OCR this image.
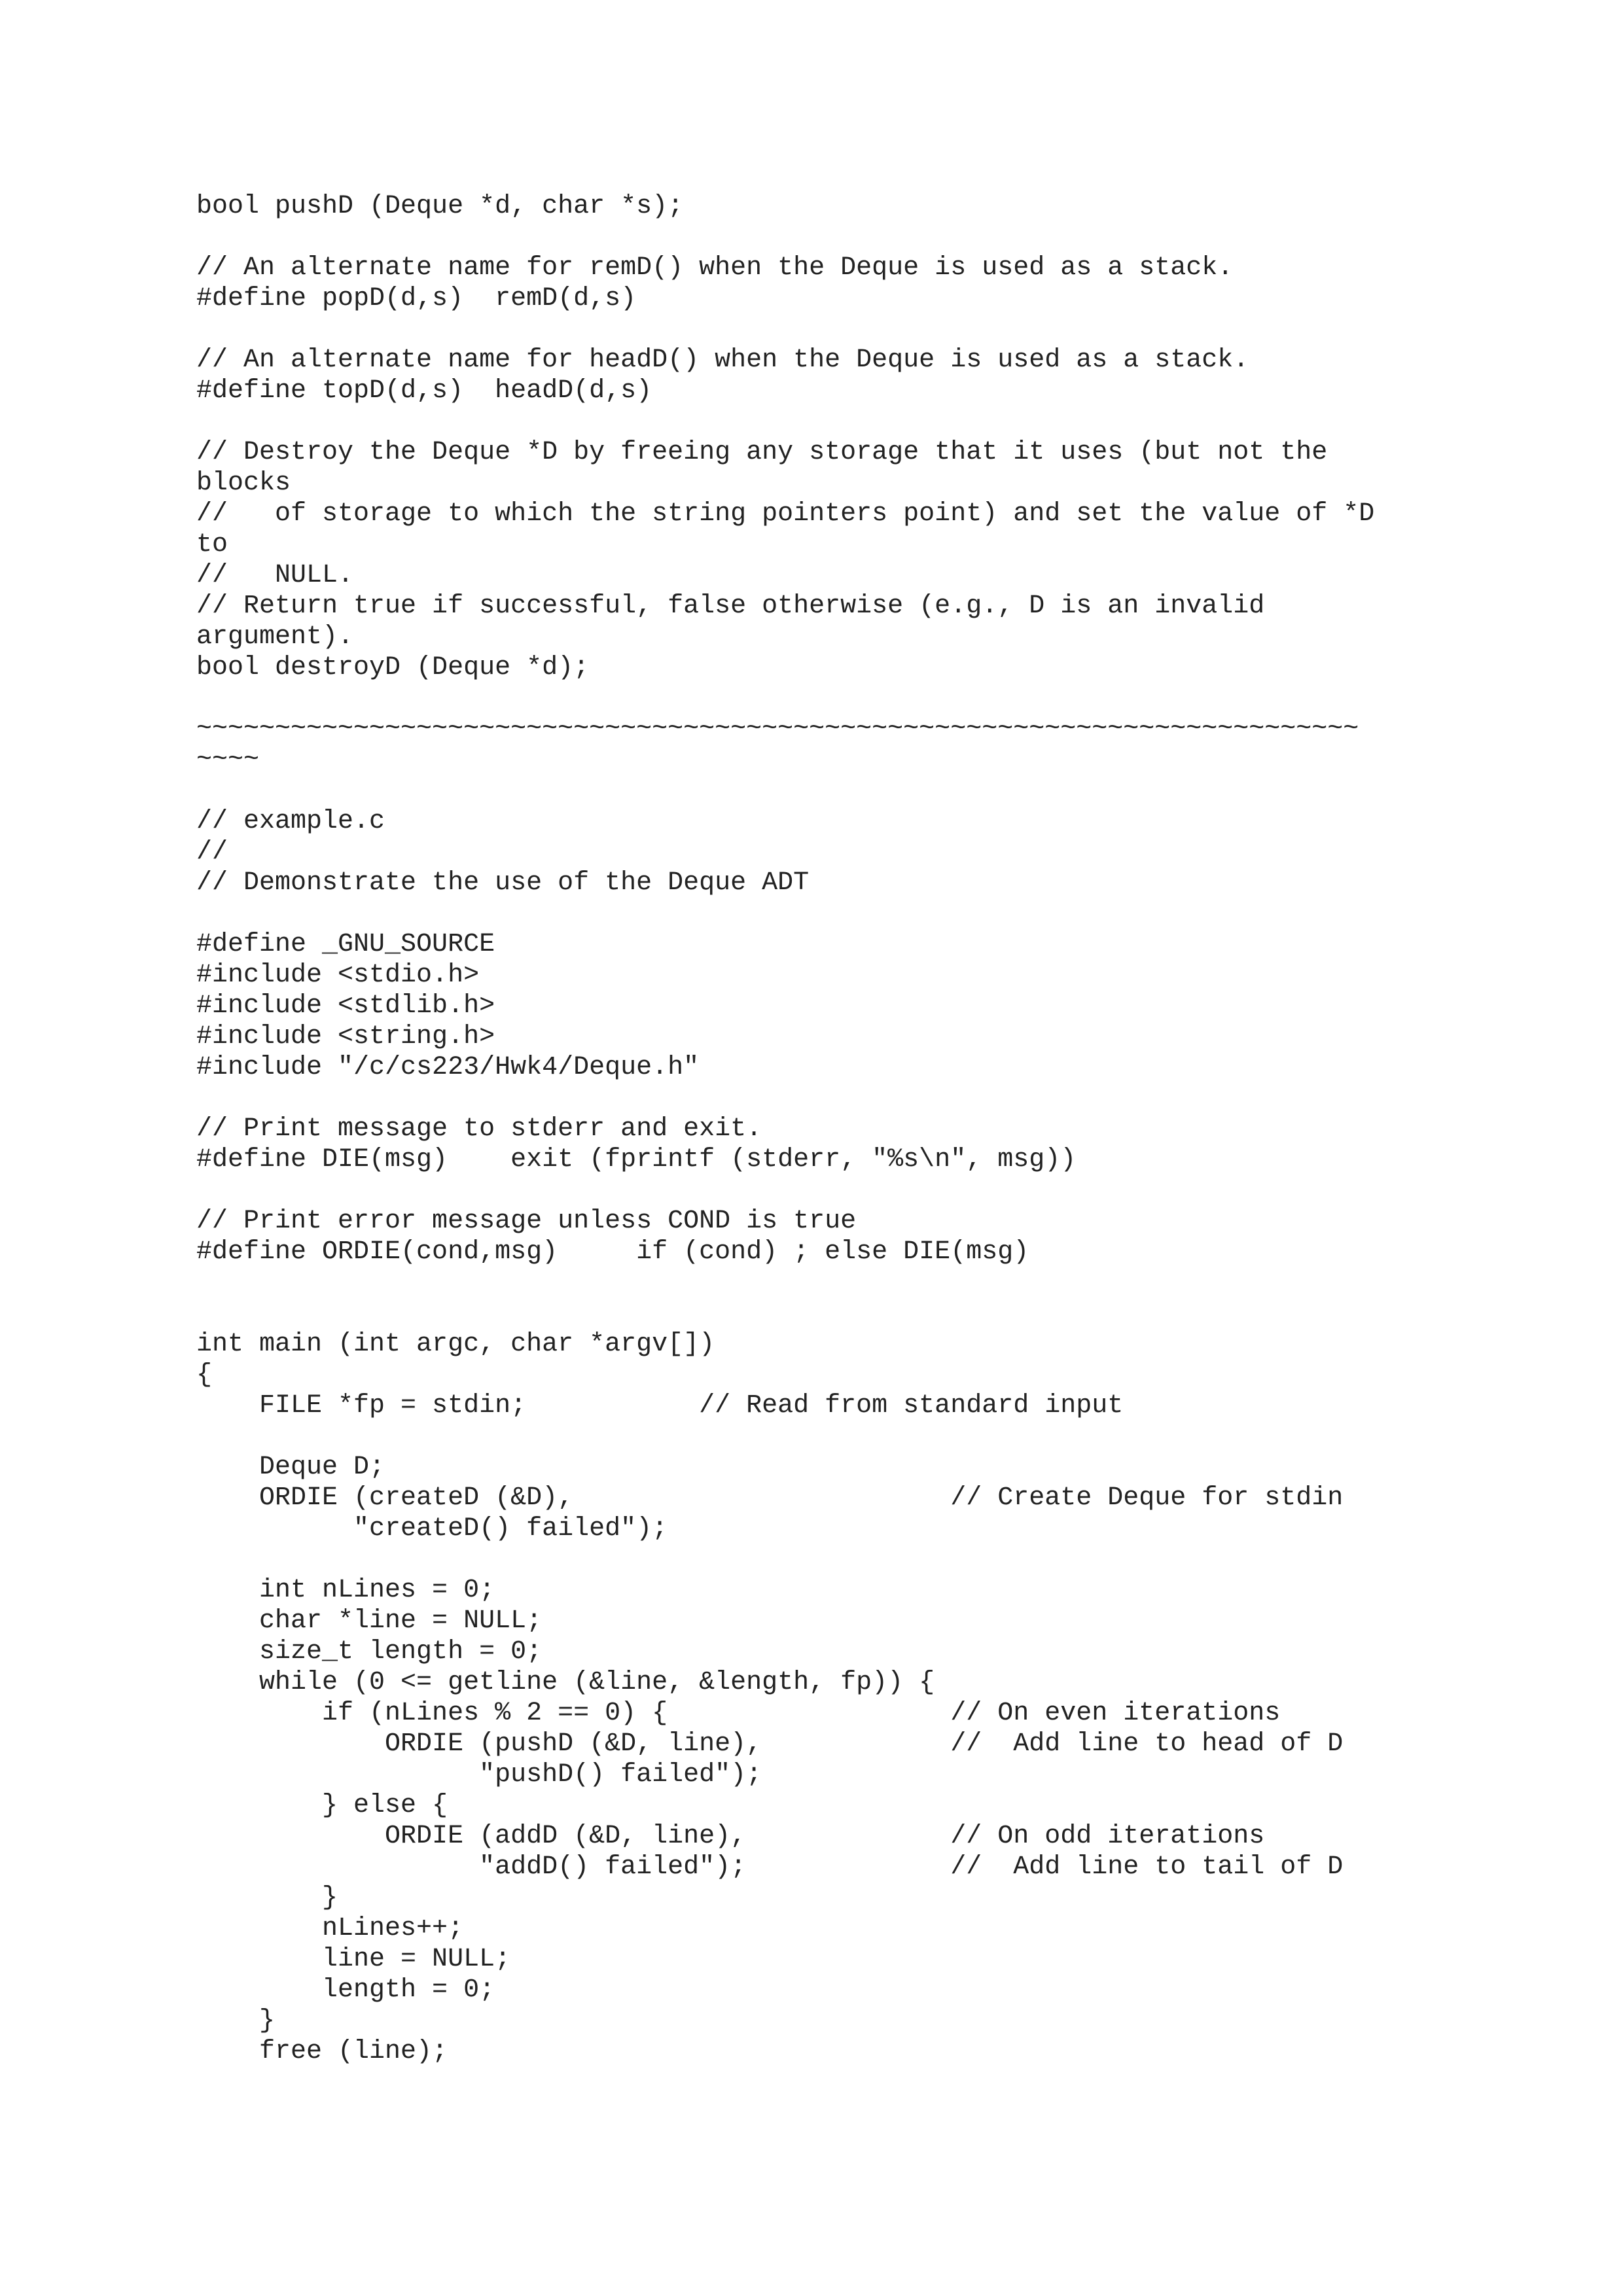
bool pushD (Deque *d, char *s);
// An alternate name for remD() when the Deque is used as a stack.
#define popD(d,s)  remD(d,s)
// An alternate name for headD() when the Deque is used as a stack.
#define topD(d,s)  headD(d,s)
// Destroy the Deque *D by freeing any storage that it uses (but not the
blocks
//   of storage to which the string pointers point) and set the value of *D
to
//   NULL.
// Return true if successful, false otherwise (e.g., D is an invalid
argument).
bool destroyD (Deque *d);
~~~~~~~~~~~~~~~~~~~~~~~~~~~~~~~~~~~~~~~~~~~~~~~~~~~~~~~~~~~~~~~~~~~~~~~~~~
~~~~
// example.c
//
// Demonstrate the use of the Deque ADT
#define _GNU_SOURCE
#include <stdio.h>
#include <stdlib.h>
#include <string.h>
#include "/c/cs223/Hwk4/Deque.h"
// Print message to stderr and exit.
#define DIE(msg)    exit (fprintf (stderr, "%s\n", msg))
// Print error message unless COND is true
#define ORDIE(cond,msg)     if (cond) ; else DIE(msg)
int main (int argc, char *argv[])
{
FILE *fp = stdin;           // Read from standard input
Deque D;
ORDIE (createD (&D),                        // Create Deque for stdin
"createD() failed");
int nLines = 0;
char *line = NULL;
size_t length = 0;
while (0 <= getline (&line, &length, fp)) {
if (nLines % 2 == 0) {                  // On even iterations
ORDIE (pushD (&D, line),            //  Add line to head of D
"pushD() failed");
} else {
ORDIE (addD (&D, line),             // On odd iterations
"addD() failed");             //  Add line to tail of D
}
nLines++;
line = NULL;
length = 0;
}
free (line);
